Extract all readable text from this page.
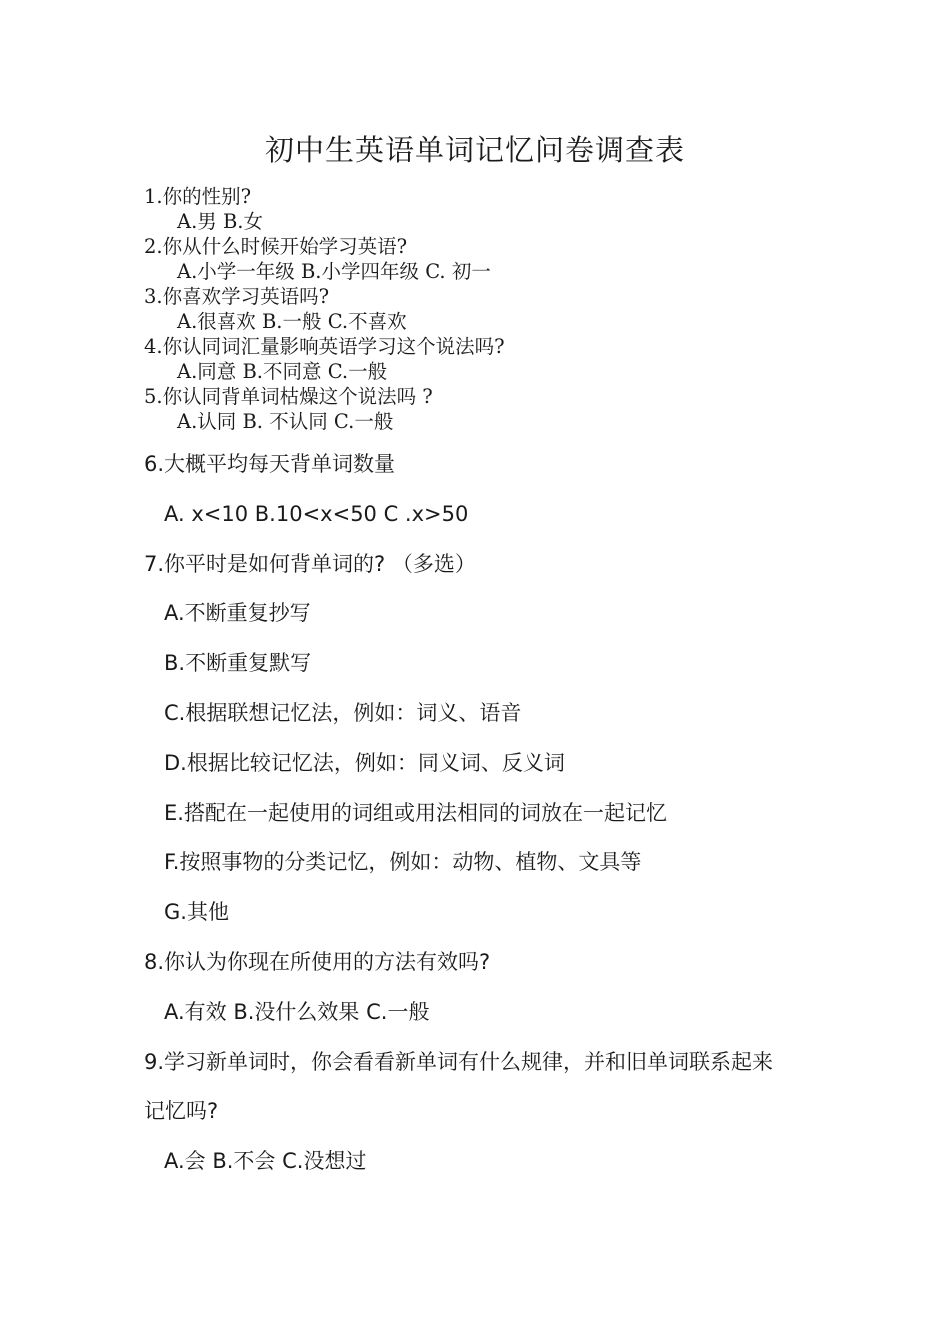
初中生英语单词记忆问卷调查表
1.你的性别?
A.男 B.女
2.你从什么时候开始学习英语?
A.小学一年级 B.小学四年级 C. 初一
3.你喜欢学习英语吗?
A.很喜欢 B.一般 C.不喜欢
4.你认同词汇量影响英语学习这个说法吗?
A.同意 B.不同意 C.一般
5.你认同背单词枯燥这个说法吗 ?
A.认同 B. 不认同 C.一般
6.大概平均每天背单词数量
A. x<10 B.10<x<50 C .x>50
7.你平时是如何背单词的? （多选）
A.不断重复抄写
B.不断重复默写
C.根据联想记忆法，例如：词义、语音
D.根据比较记忆法，例如：同义词、反义词
E.搭配在一起使用的词组或用法相同的词放在一起记忆
F.按照事物的分类记忆，例如：动物、植物、文具等
G.其他
8.你认为你现在所使用的方法有效吗?
A.有效 B.没什么效果 C.一般
9.学习新单词时，你会看看新单词有什么规律，并和旧单词联系起来
记忆吗?
A.会 B.不会 C.没想过
